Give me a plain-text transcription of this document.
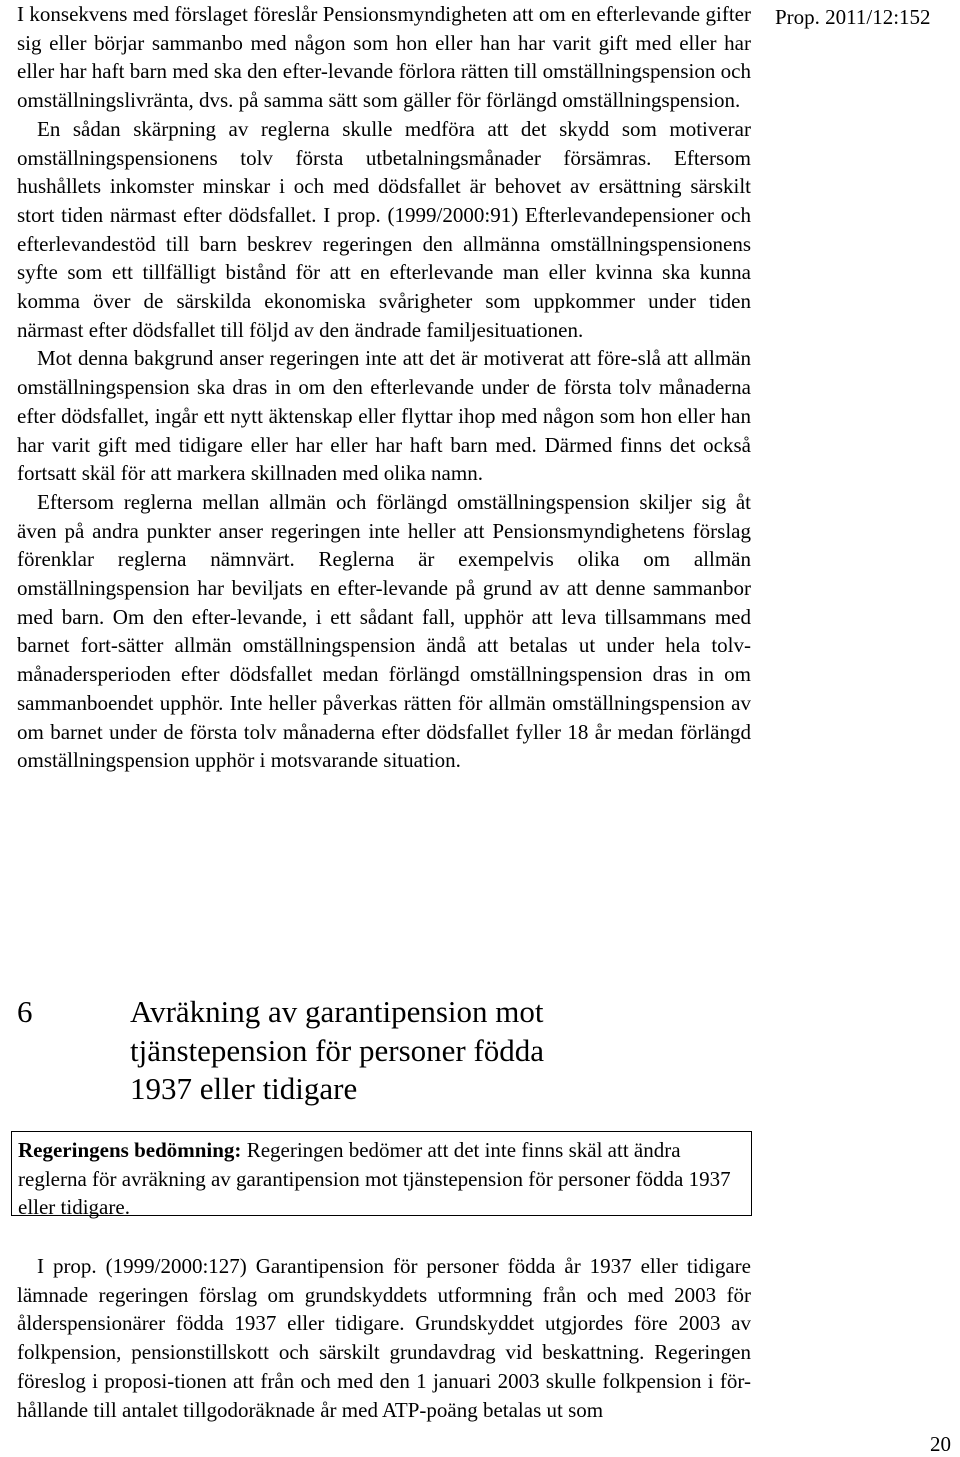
Prop. 2011/12:152

I konsekvens med förslaget föreslår Pensionsmyndigheten att om en efterlevande gifter sig eller börjar sammanbo med någon som hon eller han har varit gift med eller har eller har haft barn med ska den efter-levande förlora rätten till omställningspension och omställningslivränta, dvs. på samma sätt som gäller för förlängd omställningspension.

En sådan skärpning av reglerna skulle medföra att det skydd som motiverar omställningspensionens tolv första utbetalningsmånader försämras. Eftersom hushållets inkomster minskar i och med dödsfallet är behovet av ersättning särskilt stort tiden närmast efter dödsfallet. I prop. (1999/2000:91) Efterlevandepensioner och efterlevandestöd till barn beskrev regeringen den allmänna omställningspensionens syfte som ett tillfälligt bistånd för att en efterlevande man eller kvinna ska kunna komma över de särskilda ekonomiska svårigheter som uppkommer under tiden närmast efter dödsfallet till följd av den ändrade familjesituationen.

Mot denna bakgrund anser regeringen inte att det är motiverat att före-slå att allmän omställningspension ska dras in om den efterlevande under de första tolv månaderna efter dödsfallet, ingår ett nytt äktenskap eller flyttar ihop med någon som hon eller han har varit gift med tidigare eller har eller har haft barn med. Därmed finns det också fortsatt skäl för att markera skillnaden med olika namn.

Eftersom reglerna mellan allmän och förlängd omställningspension skiljer sig åt även på andra punkter anser regeringen inte heller att Pensionsmyndighetens förslag förenklar reglerna nämnvärt. Reglerna är exempelvis olika om allmän omställningspension har beviljats en efter-levande på grund av att denne sammanbor med barn. Om den efter-levande, i ett sådant fall, upphör att leva tillsammans med barnet fort-sätter allmän omställningspension ändå att betalas ut under hela tolv-månadersperioden efter dödsfallet medan förlängd omställningspension dras in om sammanboendet upphör. Inte heller påverkas rätten för allmän omställningspension av om barnet under de första tolv månaderna efter dödsfallet fyller 18 år medan förlängd omställningspension upphör i motsvarande situation.

6	Avräkning av garantipension mot
tjänstepension för personer födda
1937 eller tidigare
Regeringens bedömning: Regeringen bedömer att det inte finns skäl att ändra reglerna för avräkning av garantipension mot tjänstepension för personer födda 1937 eller tidigare.

I prop. (1999/2000:127) Garantipension för personer födda år 1937 eller tidigare lämnade regeringen förslag om grundskyddets utformning från och med 2003 för ålderspensionärer födda 1937 eller tidigare. Grundskyddet utgjordes före 2003 av folkpension, pensionstillskott och särskilt grundavdrag vid beskattning. Regeringen föreslog i proposi-tionen att från och med den 1 januari 2003 skulle folkpension i för-hållande till antalet tillgodoräknade år med ATP-poäng betalas ut som

20
